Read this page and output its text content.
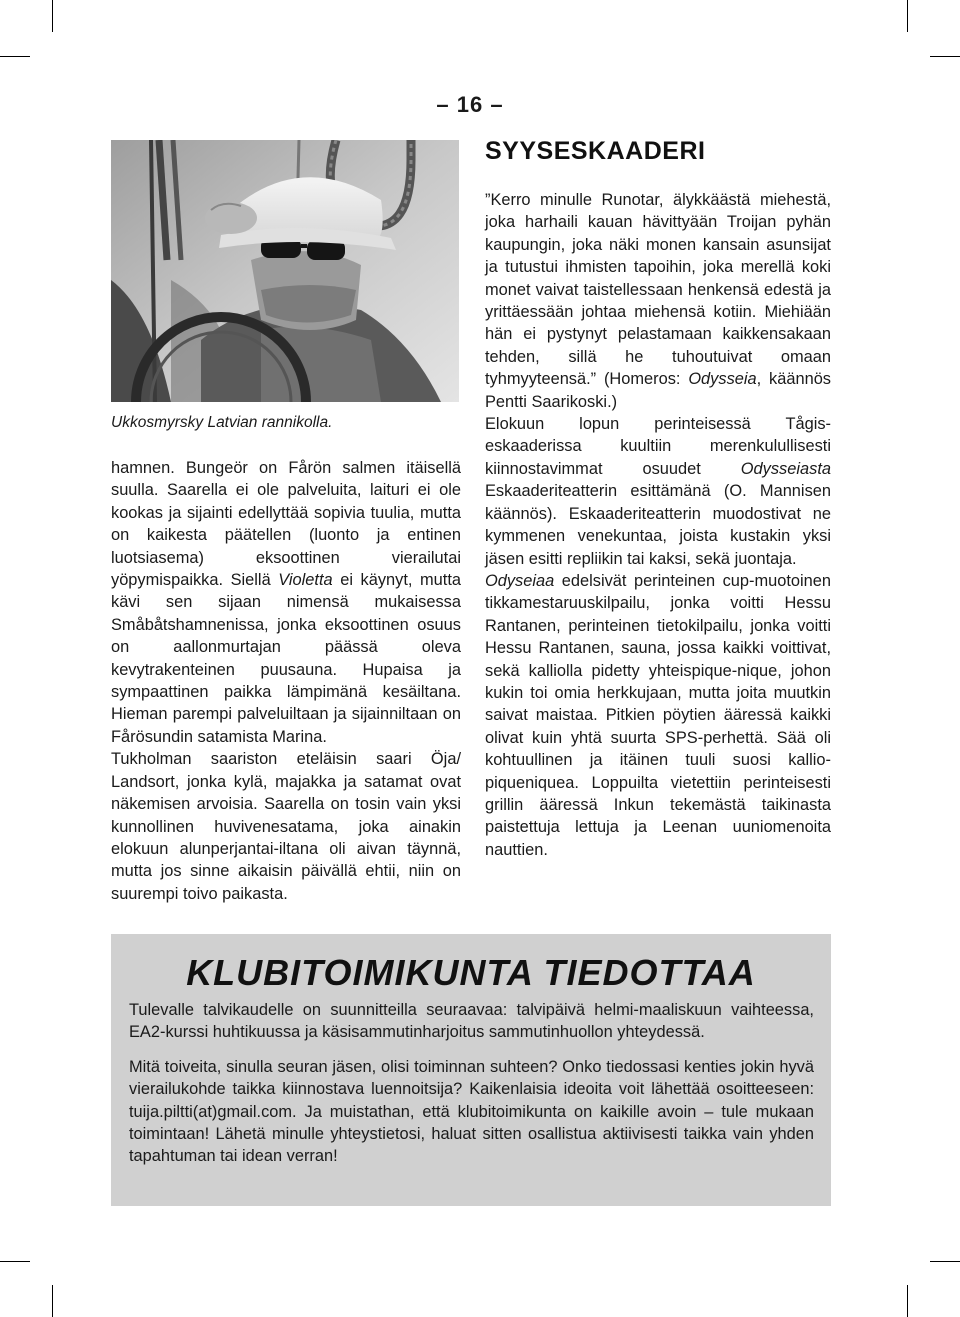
– 16 –
Ukkosmyrsky Latvian rannikolla.

hamnen. Bungeör on Fårön salmen itäisellä suulla. Saarella ei ole palveluita, laituri ei ole kookas ja sijainti edellyttää sopivia tuulia, mutta on kaikesta päätellen (luonto ja entinen luotsiasema) eksoottinen vierailutai yöpymispaikka. Siellä Violetta ei käynyt, mutta kävi sen sijaan nimensä mukaisessa Småbåtshamnenissa, jonka eksoottinen osuus on aallonmurtajan päässä oleva kevytrakenteinen puusauna. Hupaisa ja sympaattinen paikka lämpimänä kesäiltana. Hieman parempi palveluiltaan ja sijainniltaan on Fårösundin satamista Marina.

Tukholman saariston eteläisin saari Öja/ Landsort, jonka kylä, majakka ja satamat ovat näkemisen arvoisia. Saarella on tosin vain yksi kunnollinen huvivenesatama, joka ainakin elokuun alunperjantai-iltana oli aivan täynnä, mutta jos sinne aikaisin päivällä ehtii, niin on suurempi toivo paikasta.

SYYSESKAADERI

”Kerro minulle Runotar, älykkäästä miehestä, joka harhaili kauan hävittyään Troijan pyhän kaupungin, joka näki monen kansain asunsijat ja tutustui ihmisten tapoihin, joka merellä koki monet vaivat taistellessaan henkensä edestä ja yrittäessään johtaa miehensä kotiin. Miehiään hän ei pystynyt pelastamaan kaikkensakaan tehden, sillä he tuhoutuivat omaan tyhmyyteensä.” (Homeros: Odysseia, käännös Pentti Saarikoski.)

Elokuun lopun perinteisessä Tågis-eskaaderissa kuultiin merenkulullisesti kiinnostavimmat osuudet Odysseiasta Eskaaderiteatterin esittämänä (O. Mannisen käännös). Eskaaderiteatterin muodostivat ne kymmenen venekuntaa, joista kustakin yksi jäsen esitti repliikin tai kaksi, sekä juontaja.

Odyseiaa edelsivät perinteinen cup-muotoinen tikkamestaruuskilpailu, jonka voitti Hessu Rantanen, perinteinen tietokilpailu, jonka voitti Hessu Rantanen, sauna, jossa kaikki voittivat, sekä kalliolla pidetty yhteispique-nique, johon kukin toi omia herkkujaan, mutta joita muutkin saivat maistaa. Pitkien pöytien ääressä kaikki olivat kuin yhtä suurta SPS-perhettä. Sää oli kohtuullinen ja itäinen tuuli suosi kallio-piqueniquea. Loppuilta vietettiin perinteisesti grillin ääressä Inkun tekemästä taikinasta paistettuja lettuja ja Leenan uuniomenoita nauttien.

KLUBITOIMIKUNTA TIEDOTTAA

Tulevalle talvikaudelle on suunnitteilla seuraavaa: talvipäivä helmi-maaliskuun vaihteessa, EA2-kurssi huhtikuussa ja käsisammutinharjoitus sammutinhuollon yhteydessä.

Mitä toiveita, sinulla seuran jäsen, olisi toiminnan suhteen? Onko tiedossasi kenties jokin hyvä vierailukohde taikka kiinnostava luennoitsija? Kaikenlaisia ideoita voit lähettää osoitteeseen: tuija.piltti(at)gmail.com. Ja muistathan, että klubitoimikunta on kaikille avoin – tule mukaan toimintaan! Lähetä minulle yhteystietosi, haluat sitten osallistua aktiivisesti taikka vain yhden tapahtuman tai idean verran!
